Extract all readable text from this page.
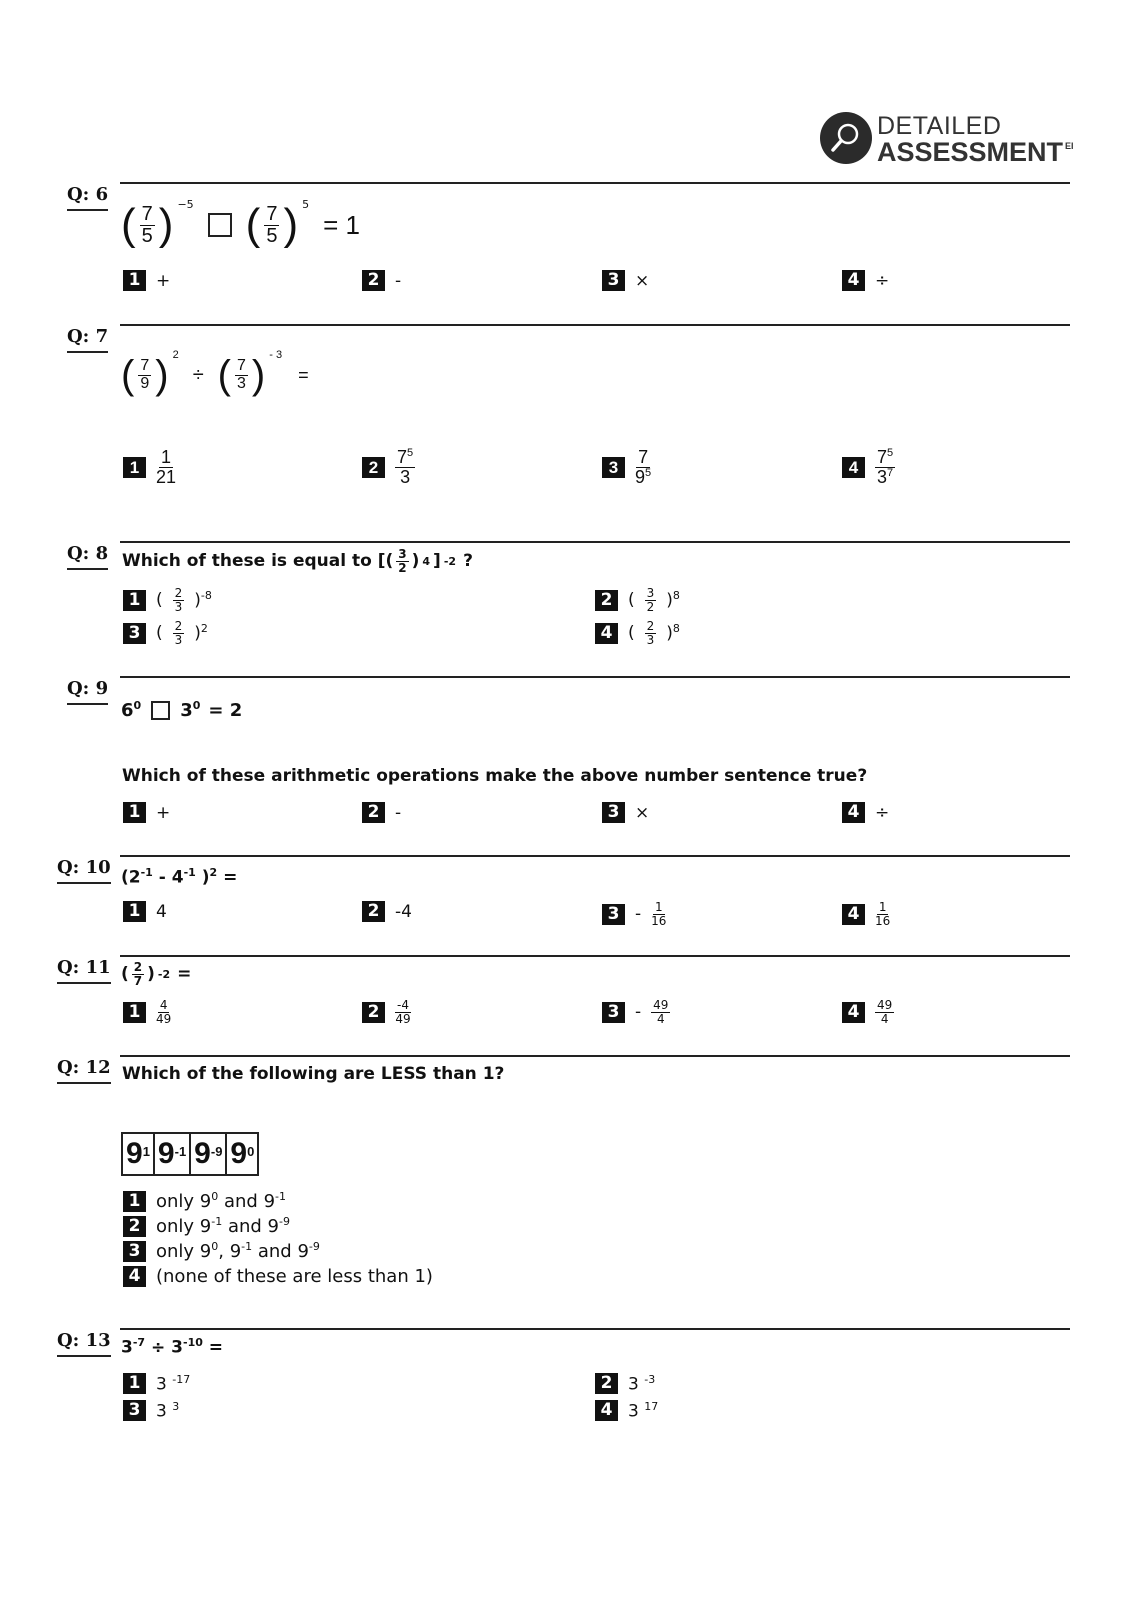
DETAILED
ASSESSMENT $^{EI}$
Q: 6
( $\frac{7}{5}$ ) $^{-5}$ ( $\frac{7}{5}$ ) $^5$
= 1
1 +	2 -	3 ×	4 ÷
Q: 7
( $\frac{7}{9}$ ) $^2$
÷ ( $\frac{7}{3}$ ) $^{- 3}$
=
$1 \frac{1}{21}$	$2 \frac{7^5}{3}$	$3 \frac{7}{9^5}$	$4 \frac{7^5}{3^7}$
Q: 8 Which of these is equal to [( $\frac{3}{2}$ ) 4 ] -2 ?
1 ( $\frac{2}{3} )^{-8}$	2 ( $\frac{3}{2} )^8$
3 ( $\frac{2}{3} )^2$	4 ( $\frac{2}{3} )^8$
Q: 9
$6^0$ $3^0 = 2$
Which of these arithmetic operations make the above number sentence true?
1 +	2 -	3 ×	4 ÷
Q: 10 ($2^{-1} - 4^{-1}$ )$^2$ =
1 4	2 -4	$3 - \frac{1}{16}$	4	$\frac{1}{16}$
Q: 11 ( $\frac{2}{7}$ ) -2 =
1	$\frac{4}{49}$	2	$\frac{-4}{49}$	$3 - \frac{49}{4}$	4	$\frac{49}{4}$
Q: 12 Which of the following are LESS than 1?
$9^1$ $9^{-1}$ $9^{-9}$ $9^0$
1 only $9^0$ and $9^{-1}$
2 only $9^{-1}$ and $9^{-9}$
3 only $9^0$, $9^{-1}$ and $9^{-9}$
4 (none of these are less than 1)
Q: 13 $3^{-7} \div 3^{-10}$ =
1 3 $^{-17}$	2 3 $^{-3}$
3 3 $^3$	4 3 $^{17}$
